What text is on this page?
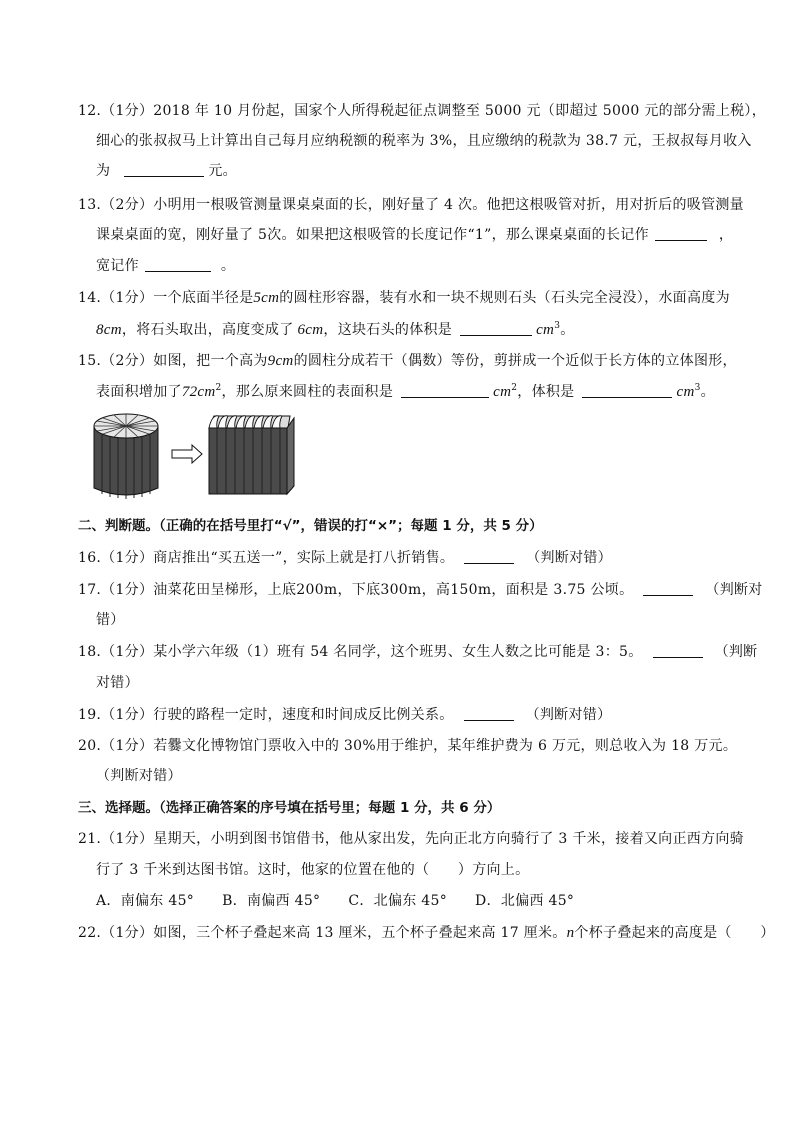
12.（1分）2018 年 10 月份起，国家个人所得税起征点调整至 5000 元（即超过 5000 元的部分需上税），
细心的张叔叔马上计算出自己每月应纳税额的税率为 3%，且应缴纳的税款为 38.7 元，王叔叔每月收入
为	元。
13.（2分）小明用一根吸管测量课桌桌面的长，刚好量了 4 次。他把这根吸管对折，用对折后的吸管测量
课桌桌面的宽，刚好量了 5次。如果把这根吸管的长度记作“1”，那么课桌桌面的长记作	，
宽记作	。
14.（1分）一个底面半径是5cm的圆柱形容器，装有水和一块不规则石头（石头完全浸没），水面高度为
8cm，将石头取出，高度变成了 6cm，这块石头的体积是	$cm^3$。
15.（2分）如图，把一个高为9cm的圆柱分成若干（偶数）等份，剪拼成一个近似于长方体的立体图形，
表面积增加了$72cm^2$，那么原来圆柱的表面积是	$cm^2$，体积是	$cm^3$。
二、判断题。（正确的在括号里打“√”，错误的打“×”；每题 1 分，共 5 分）
16.（1分）商店推出“买五送一”，实际上就是打八折销售。	（判断对错）
17.（1分）油菜花田呈梯形，上底200m，下底300m，高150m，面积是 3.75 公顷。	（判断对
错）
18.（1分）某小学六年级（1）班有 54 名同学，这个班男、女生人数之比可能是 3：5。	（判断
对错）
19.（1分）行驶的路程一定时，速度和时间成反比例关系。	（判断对错）
20.（1分）若爨文化博物馆门票收入中的 30%用于维护，某年维护费为 6 万元，则总收入为 18 万元。
（判断对错）
三、选择题。（选择正确答案的序号填在括号里；每题 1 分，共 6 分）
21.（1分）星期天，小明到图书馆借书，他从家出发，先向正北方向骑行了 3 千米，接着又向正西方向骑
行了 3 千米到达图书馆。这时，他家的位置在他的（　　）方向上。
A．南偏东 45° B．南偏西 45° C．北偏东 45° D．北偏西 45°
22.（1分）如图，三个杯子叠起来高 13 厘米，五个杯子叠起来高 17 厘米。n个杯子叠起来的高度是（　　）
